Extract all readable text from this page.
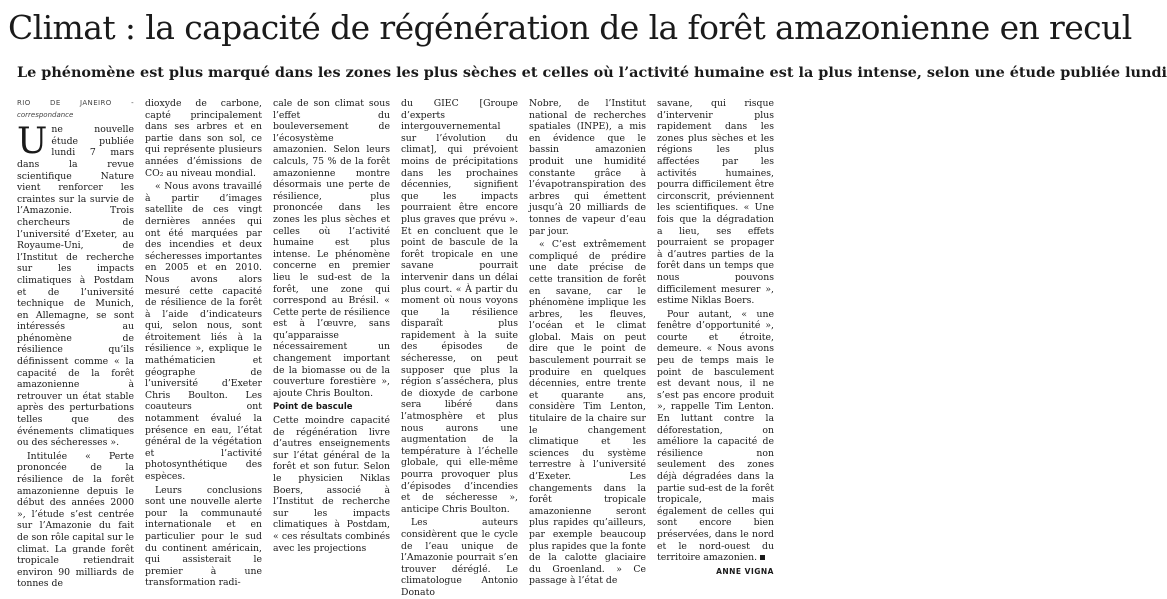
Climat : la capacité de régénération de la forêt amazonienne en recul
Le phénomène est plus marqué dans les zones les plus sèches et celles où l’activité humaine est la plus intense, selon une étude publiée lundi
RIO DE JANEIRO - correspondance
U ne nouvelle étude publiée lundi 7 mars dans la revue scientifique Nature vient renforcer les craintes sur la survie de l’Amazonie. Trois chercheurs de l’université d’Exeter, au Royaume-Uni, de l’Institut de recherche sur les impacts climatiques à Postdam et de l’université technique de Munich, en Allemagne, se sont intéressés au phénomène de résilience qu’ils définissent comme « la capacité de la forêt amazonienne à retrouver un état stable après des perturbations telles que des événements climatiques ou des sécheresses ».

Intitulée « Perte prononcée de la résilience de la forêt amazonienne depuis le début des années 2000 », l’étude s’est centrée sur l’Amazonie du fait de son rôle capital sur le climat. La grande forêt tropicale retiendrait environ 90 milliards de tonnes de

dioxyde de carbone, capté principalement dans ses arbres et en partie dans son sol, ce qui représente plusieurs années d’émissions de CO₂ au niveau mondial.

« Nous avons travaillé à partir d’images satellite de ces vingt dernières années qui ont été marquées par des incendies et deux sécheresses importantes en 2005 et en 2010. Nous avons alors mesuré cette capacité de résilience de la forêt à l’aide d’indicateurs qui, selon nous, sont étroitement liés à la résilience », explique le mathématicien et géographe de l’université d’Exeter Chris Boulton. Les coauteurs ont notamment évalué la présence en eau, l’état général de la végétation et l’activité photosynthétique des espèces.

Leurs conclusions sont une nouvelle alerte pour la communauté internationale et en particulier pour le sud du continent américain, qui assisterait le premier à une transformation radi-

cale de son climat sous l’effet du bouleversement de l’écosystème amazonien. Selon leurs calculs, 75 % de la forêt amazonienne montre désormais une perte de résilience, plus prononcée dans les zones les plus sèches et celles où l’activité humaine est plus intense. Le phénomène concerne en premier lieu le sud-est de la forêt, une zone qui correspond au Brésil. « Cette perte de résilience est à l’œuvre, sans qu’apparaisse nécessairement un changement important de la biomasse ou de la couverture forestière », ajoute Chris Boulton.

Point de bascule

Cette moindre capacité de régénération livre d’autres enseignements sur l’état général de la forêt et son futur. Selon le physicien Niklas Boers, associé à l’Institut de recherche sur les impacts climatiques à Postdam, « ces résultats combinés avec les projections

du GIEC [Groupe d’experts intergouvernemental sur l’évolution du climat], qui prévoient moins de précipitations dans les prochaines décennies, signifient que les impacts pourraient être encore plus graves que prévu ». Et en concluent que le point de bascule de la forêt tropicale en une savane pourrait intervenir dans un délai plus court. « À partir du moment où nous voyons que la résilience disparaît plus rapidement à la suite des épisodes de sécheresse, on peut supposer que plus la région s’asséchera, plus de dioxyde de carbone sera libéré dans l’atmosphère et plus nous aurons une augmentation de la température à l’échelle globale, qui elle-même pourra provoquer plus d’épisodes d’incendies et de sécheresse », anticipe Chris Boulton.

Les auteurs considèrent que le cycle de l’eau unique de l’Amazonie pourrait s’en trouver déréglé. Le climatologue Antonio Donato

Nobre, de l’Institut national de recherches spatiales (INPE), a mis en évidence que le bassin amazonien produit une humidité constante grâce à l’évapotranspiration des arbres qui émettent jusqu’à 20 milliards de tonnes de vapeur d’eau par jour.

« C’est extrêmement compliqué de prédire une date précise de cette transition de forêt en savane, car le phénomène implique les arbres, les fleuves, l’océan et le climat global. Mais on peut dire que le point de basculement pourrait se produire en quelques décennies, entre trente et quarante ans, considère Tim Lenton, titulaire de la chaire sur le changement climatique et les sciences du système terrestre à l’université d’Exeter. Les changements dans la forêt tropicale amazonienne seront plus rapides qu’ailleurs, par exemple beaucoup plus rapides que la fonte de la calotte glaciaire du Groenland. » Ce passage à l’état de

savane, qui risque d’intervenir plus rapidement dans les zones plus sèches et les régions les plus affectées par les activités humaines, pourra difficilement être circonscrit, préviennent les scientifiques. « Une fois que la dégradation a lieu, ses effets pourraient se propager à d’autres parties de la forêt dans un temps que nous pouvons difficilement mesurer », estime Niklas Boers.

Pour autant, « une fenêtre d’opportunité », courte et étroite, demeure. « Nous avons peu de temps mais le point de basculement est devant nous, il ne s’est pas encore produit », rappelle Tim Lenton. En luttant contre la déforestation, on améliore la capacité de résilience non seulement des zones déjà dégradées dans la partie sud-est de la forêt tropicale, mais également de celles qui sont encore bien préservées, dans le nord et le nord-ouest du territoire amazonien.

ANNE VIGNA
